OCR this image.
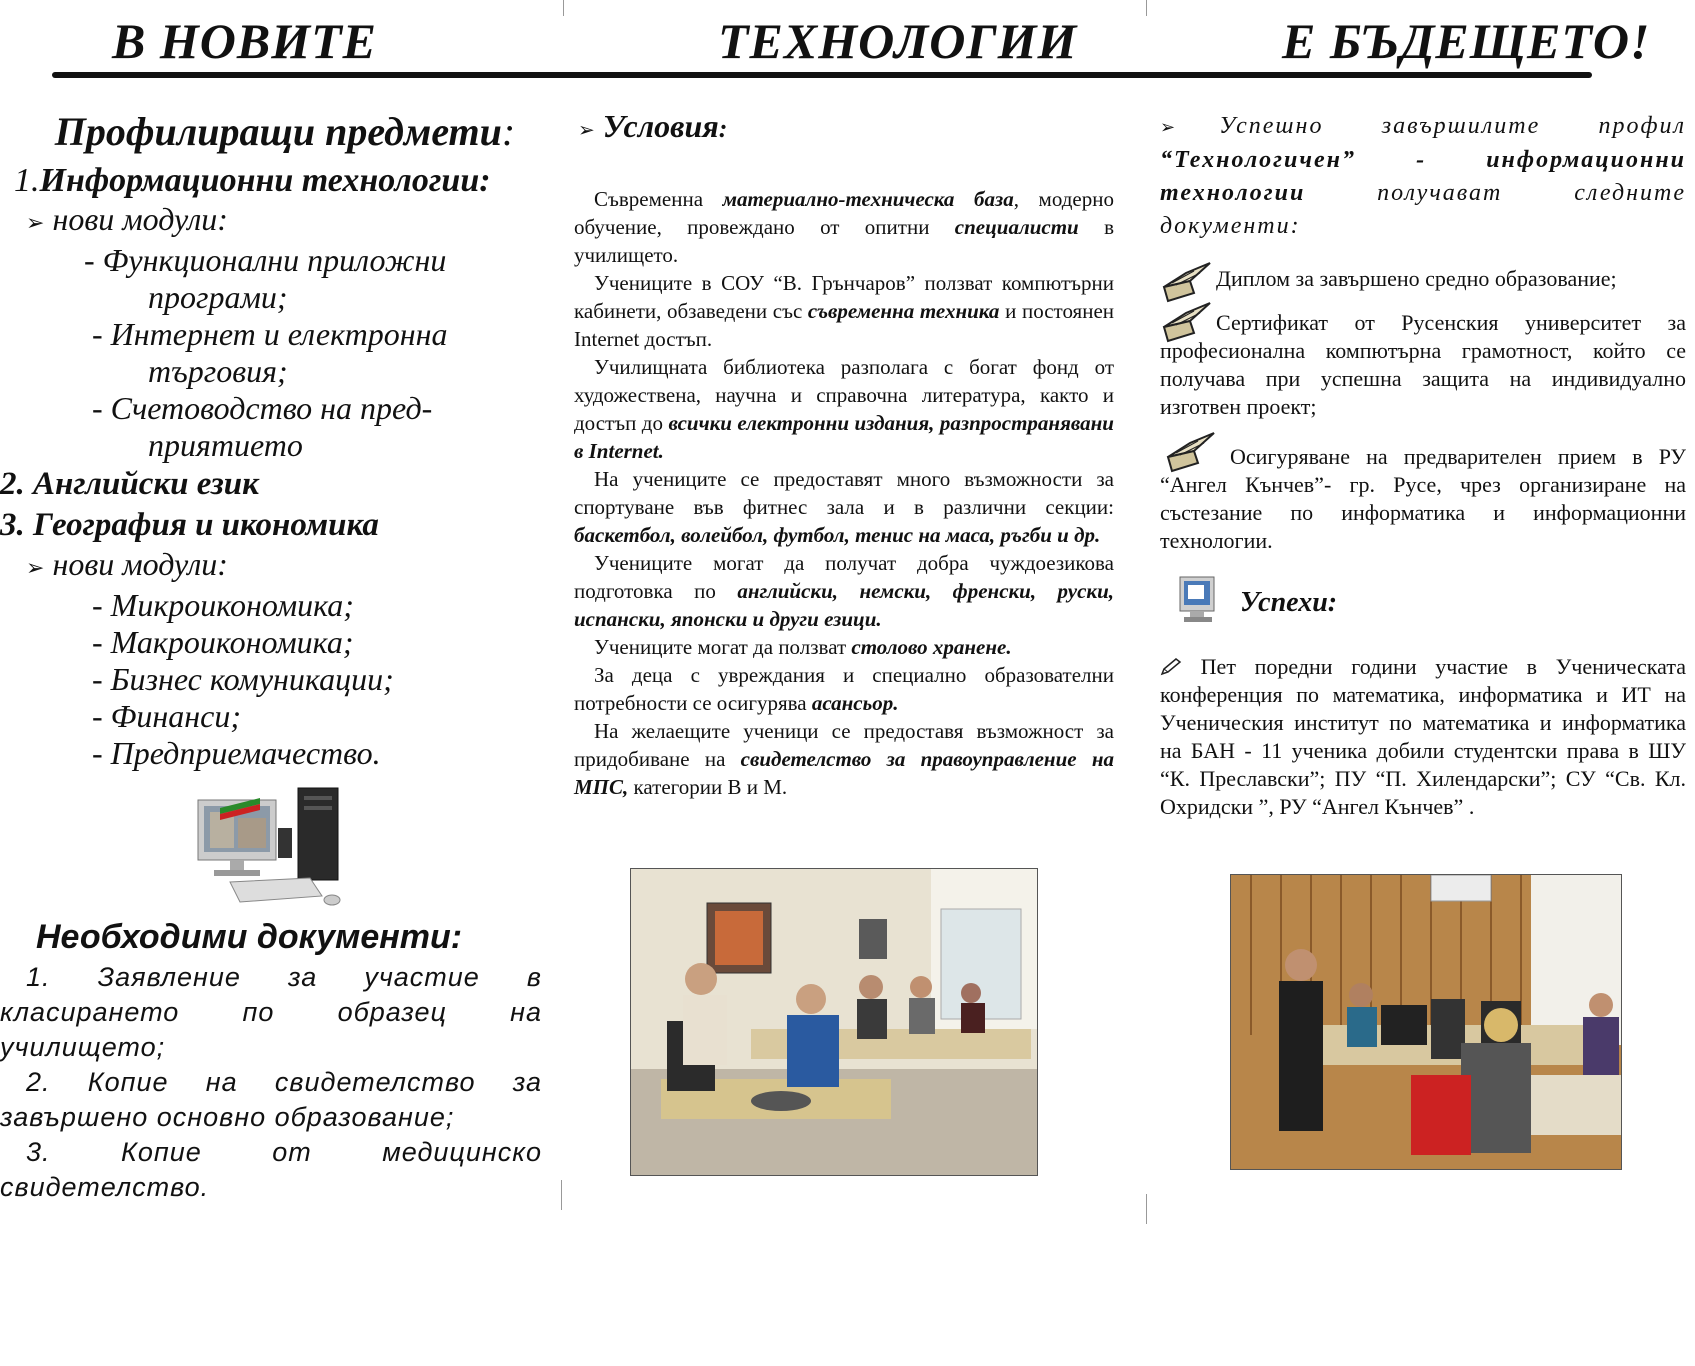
В НОВИТЕ	ТЕХНОЛОГИИ	Е БЪДЕЩЕТО!
Профилиращи предмети:
1.Информационни технологии:
➢ нови модули:
- Функционални приложни
програми;
- Интернет и електронна
търговия;
- Счетоводство на пред-
приятието
2. Английски език
3. География и икономика
➢ нови модули:
- Микроикономика;
- Макроикономика;
- Бизнес комуникации;
- Финанси;
- Предприемачество.
Необходими документи:
1. Заявление за участие в класирането по образец на училището;
2. Копие на свидетелство за завършено основно образование;
3. Копие от медицинско свидетелство.
➢ Условия:

Съвременна материално-техническа база, модерно обучение, провеждано от опитни специалисти в училището.

Учениците в СОУ “В. Грънчаров” ползват компютърни кабинети, обзаведени със съвременна техника и постоянен Internet достъп.

Училищната библиотека разполага с богат фонд от художествена, научна и справочна литература, както и достъп до всички електронни издания, разпространявани в Internet.

На учениците се предоставят много възможности за спортуване във фитнес зала и в различни секции: баскетбол, волейбол, футбол, тенис на маса, ръгби и др.

Учениците могат да получат добра чуждоезикова подготовка по английски, немски, френски, руски, испански, японски и други езици.

Учениците могат да ползват столово хранене.

За деца с увреждания и специално образователни потребности се осигурява асансьор.

На желаещите ученици се предоставя възможност за придобиване на свидетелство за правоуправление на МПС, категории В и М.

➢ Успешно завършилите профил “Технологичен” - информационни технологии получават следните документи:

Диплом за завършено средно образование;

Сертификат от Русенския университет за професионална компютърна грамотност, който се получава при успешна защита на индивидуално изготвен проект;

Осигуряване на предварителен прием в РУ “Ангел Кънчев”- гр. Русе, чрез организиране на състезание по информатика и информационни технологии.

Успехи:

Пет поредни години участие в Ученическата конференция по математика, информатика и ИТ на Ученическия институт по математика и информатика на БАН - 11 ученика добили студентски права в ШУ “К. Преславски”; ПУ “П. Хилендарски”; СУ “Св. Кл. Охридски ”, РУ “Ангел Кънчев” .
